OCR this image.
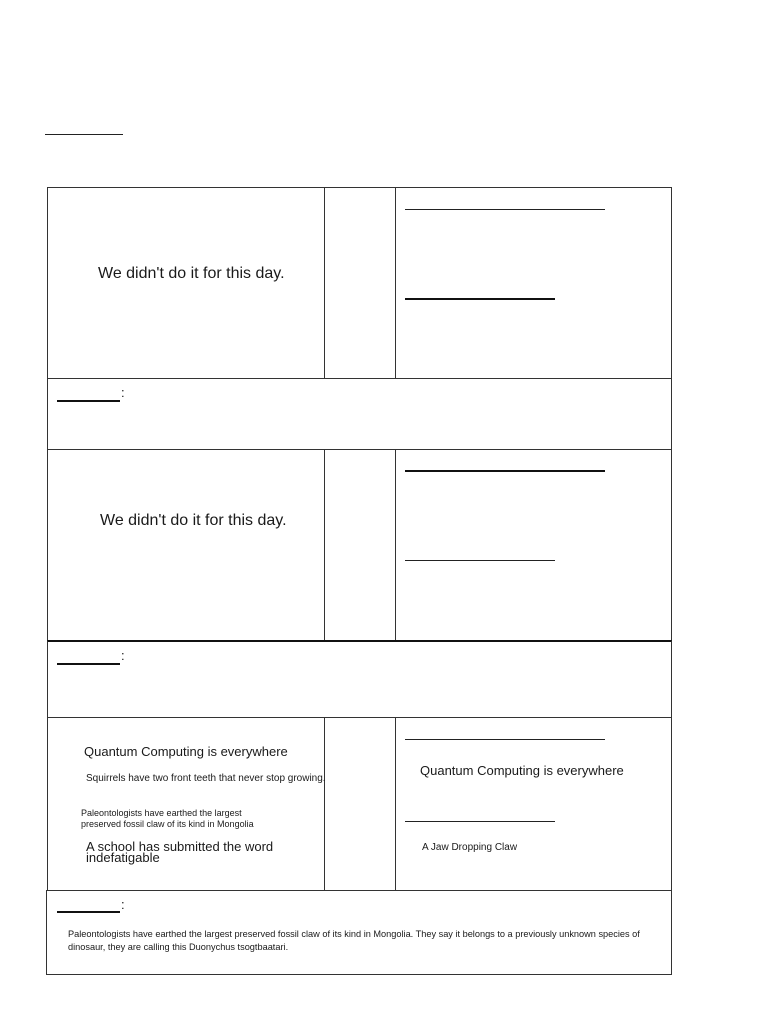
We didn't do it for this day.
:
We didn't do it for this day.
:
Quantum Computing is everywhere
Squirrels have two front teeth that never stop growing.
Paleontologists have earthed the largest
preserved fossil claw of its kind in Mongolia
A school has submitted the word
indefatigable
Quantum Computing is everywhere
A Jaw Dropping Claw
:
Paleontologists have earthed the largest preserved fossil claw of its kind in Mongolia. They say it belongs to a previously unknown species of dinosaur, they are calling this Duonychus tsogtbaatari.
